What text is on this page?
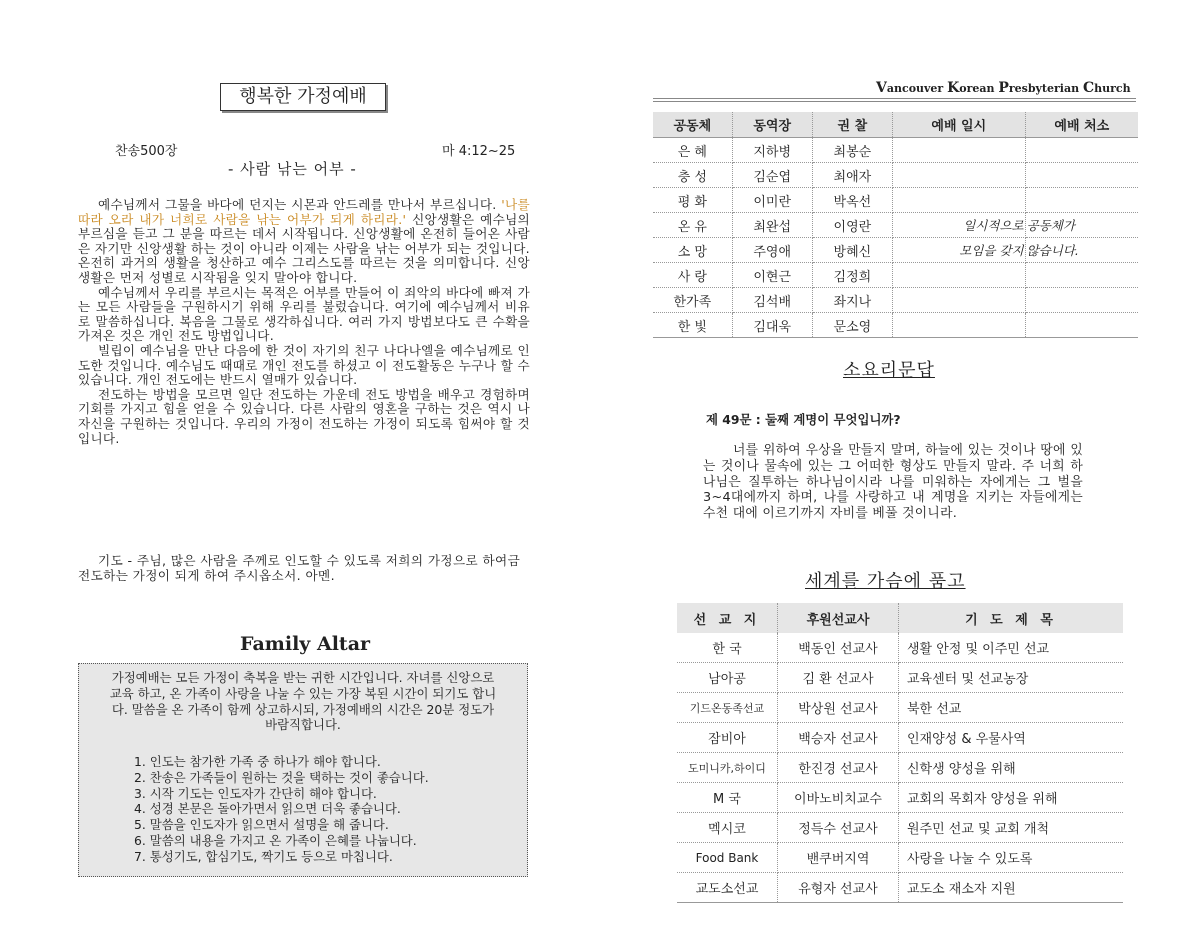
행복한 가정예배
찬송500장	마 4:12~25
- 사람 낚는 어부 -

예수님께서 그물을 바다에 던지는 시몬과 안드레를 만나서 부르십니다. '나를 따라 오라 내가 너희로 사람을 낚는 어부가 되게 하리라.' 신앙생활은 예수님의 부르심을 듣고 그 분을 따르는 데서 시작됩니다. 신앙생활에 온전히 들어온 사람은 자기만 신앙생활 하는 것이 아니라 이제는 사람을 낚는 어부가 되는 것입니다. 온전히 과거의 생활을 청산하고 예수 그리스도를 따르는 것을 의미합니다. 신앙생활은 먼저 성별로 시작됨을 잊지 말아야 합니다.

예수님께서 우리를 부르시는 목적은 어부를 만들어 이 죄악의 바다에 빠져 가는 모든 사람들을 구원하시기 위해 우리를 불렀습니다. 여기에 예수님께서 비유로 말씀하십니다. 복음을 그물로 생각하십니다. 여러 가지 방법보다도 큰 수확을 가져온 것은 개인 전도 방법입니다.

빌립이 예수님을 만난 다음에 한 것이 자기의 친구 나다나엘을 예수님께로 인도한 것입니다. 예수님도 때때로 개인 전도를 하셨고 이 전도활동은 누구나 할 수 있습니다. 개인 전도에는 반드시 열매가 있습니다.

전도하는 방법을 모르면 일단 전도하는 가운데 전도 방법을 배우고 경험하며 기회를 가지고 힘을 얻을 수 있습니다. 다른 사람의 영혼을 구하는 것은 역시 나 자신을 구원하는 것입니다. 우리의 가정이 전도하는 가정이 되도록 힘써야 할 것입니다.

기도 - 주님, 많은 사람을 주께로 인도할 수 있도록 저희의 가정으로 하여금 전도하는 가정이 되게 하여 주시옵소서. 아멘.
Family Altar
가정예배는 모든 가정이 축복을 받는 귀한 시간입니다. 자녀를 신앙으로 교육 하고, 온 가족이 사랑을 나눌 수 있는 가장 복된 시간이 되기도 합니다. 말씀을 온 가족이 함께 상고하시되, 가정예배의 시간은 20분 정도가 바람직합니다.
1. 인도는 참가한 가족 중 하나가 해야 합니다.
2. 찬송은 가족들이 원하는 것을 택하는 것이 좋습니다.
3. 시작 기도는 인도자가 간단히 해야 합니다.
4. 성경 본문은 돌아가면서 읽으면 더욱 좋습니다.
5. 말씀을 인도자가 읽으면서 설명을 해 줍니다.
6. 말씀의 내용을 가지고 온 가족이 은혜를 나눕니다.
7. 통성기도, 합심기도, 짝기도 등으로 마칩니다.
Vancouver Korean Presbyterian Church
공동체	동역장	권 찰	예배 일시	예배 처소
은 혜	지하병	최봉순		
충 성	김순엽	최애자		
평 화	이미란	박옥선		
온 유	최완섭	이영란	일시적으로	공동체가
소 망	주영애	방혜신	모임을 갖지	않습니다.
사 랑	이현근	김정희		
한가족	김석배	좌지나		
한 빛	김대욱	문소영		
소요리문답
제 49문 : 둘째 계명이 무엇입니까?
너를 위하여 우상을 만들지 말며, 하늘에 있는 것이나 땅에 있는 것이나 물속에 있는 그 어떠한 형상도 만들지 말라. 주 너희 하나님은 질투하는 하나님이시라 나를 미워하는 자에게는 그 벌을 3~4대에까지 하며, 나를 사랑하고 내 계명을 지키는 자들에게는 수천 대에 이르기까지 자비를 베풀 것이니라.
세계를 가슴에 품고
선 교 지	후원선교사	기 도 제 목
한 국	백동인 선교사	생활 안정 및 이주민 선교
남아공	김 환 선교사	교육센터 및 선교농장
기드온동족선교	박상원 선교사	북한 선교
잠비아	백승자 선교사	인재양성 & 우물사역
도미니카,하이디	한진경 선교사	신학생 양성을 위해
M 국	이바노비치교수	교회의 목회자 양성을 위해
멕시코	정득수 선교사	원주민 선교 및 교회 개척
Food Bank	밴쿠버지역	사랑을 나눌 수 있도록
교도소선교	유형자 선교사	교도소 재소자 지원
